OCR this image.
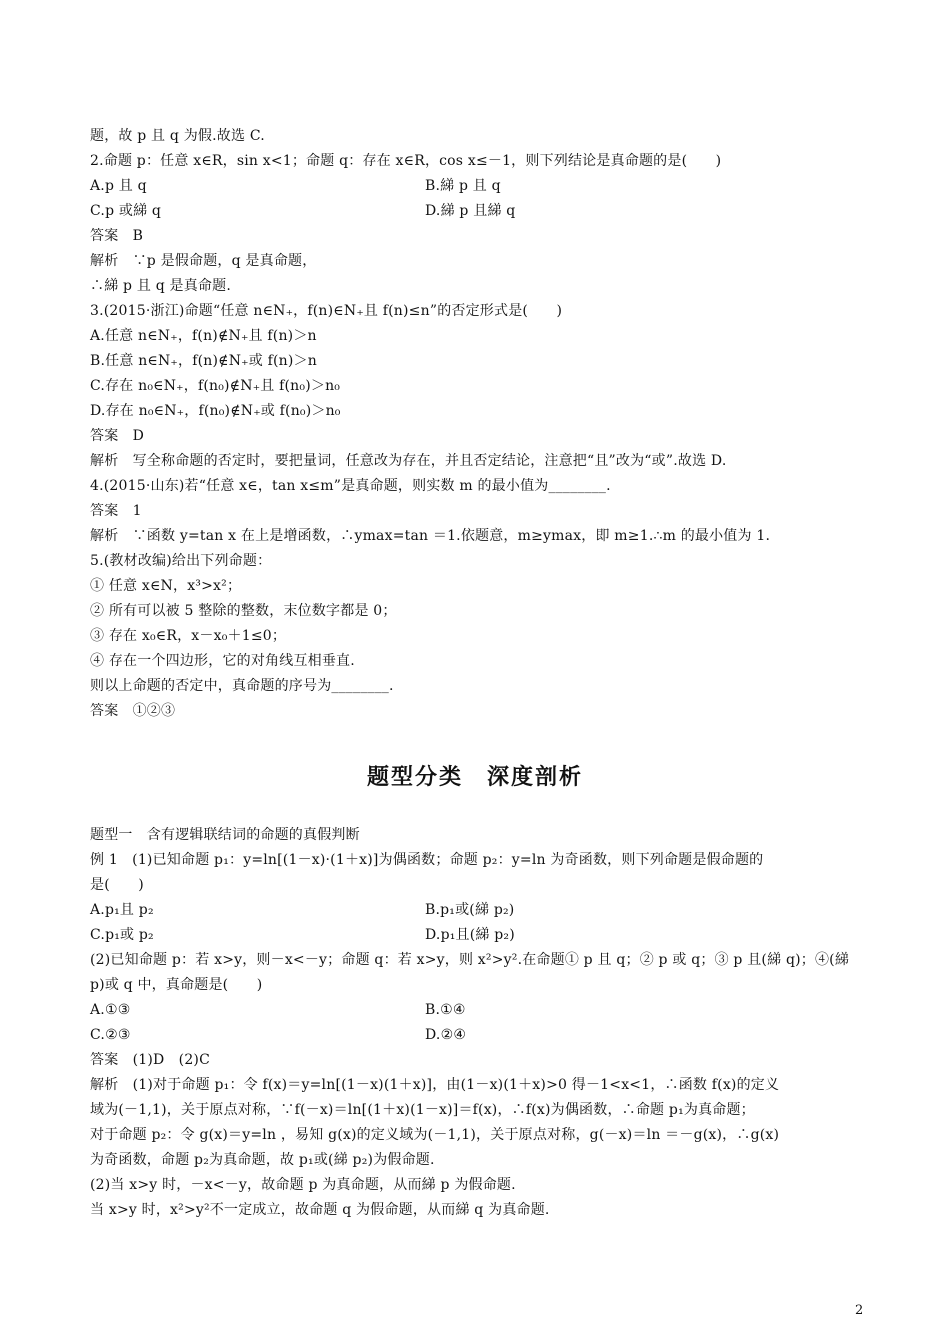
题，故 p 且 q 为假.故选 C.
2.命题 p：任意 x∈R，sin x<1；命题 q：存在 x∈R，cos x≤－1，则下列结论是真命题的是(　　)
A.p 且 q	B.綈 p 且 q
C.p 或綈 q	D.綈 p 且綈 q
答案　B
解析　∵p 是假命题，q 是真命题，
∴綈 p 且 q 是真命题.
3.(2015·浙江)命题“任意 n∈N₊，f(n)∈N₊且 f(n)≤n”的否定形式是(　　)
A.任意 n∈N₊，f(n)∉N₊且 f(n)＞n
B.任意 n∈N₊，f(n)∉N₊或 f(n)＞n
C.存在 n₀∈N₊，f(n₀)∉N₊且 f(n₀)＞n₀
D.存在 n₀∈N₊，f(n₀)∉N₊或 f(n₀)＞n₀
答案　D
解析　写全称命题的否定时，要把量词，任意改为存在，并且否定结论，注意把“且”改为“或”.故选 D.
4.(2015·山东)若“任意 x∈，tan x≤m”是真命题，则实数 m 的最小值为________.
答案　1
解析　∵函数 y=tan x 在上是增函数，∴ymax=tan ＝1.依题意，m≥ymax，即 m≥1.∴m 的最小值为 1.
5.(教材改编)给出下列命题：
① 任意 x∈N，x³>x²；
② 所有可以被 5 整除的整数，末位数字都是 0；
③ 存在 x₀∈R，x－x₀＋1≤0；
④ 存在一个四边形，它的对角线互相垂直.
则以上命题的否定中，真命题的序号为________.
答案　①②③
题型一　含有逻辑联结词的命题的真假判断
例 1　(1)已知命题 p₁：y=ln[(1－x)·(1＋x)]为偶函数；命题 p₂：y=ln 为奇函数，则下列命题是假命题的
是(　　)
A.p₁且 p₂	B.p₁或(綈 p₂)
C.p₁或 p₂	D.p₁且(綈 p₂)
(2)已知命题 p：若 x>y，则－x<－y；命题 q：若 x>y，则 x²>y².在命题① p 且 q；② p 或 q；③ p 且(綈 q)；④(綈
p)或 q 中，真命题是(　　)
A.①③	B.①④
C.②③	D.②④
答案　(1)D　(2)C
解析　(1)对于命题 p₁：令 f(x)＝y=ln[(1－x)(1＋x)]，由(1－x)(1＋x)>0 得－1<x<1，∴函数 f(x)的定义
域为(－1,1)，关于原点对称，∵f(－x)＝ln[(1＋x)(1－x)]＝f(x)，∴f(x)为偶函数，∴命题 p₁为真命题；
对于命题 p₂：令 g(x)＝y=ln ，易知 g(x)的定义域为(－1,1)，关于原点对称，g(－x)＝ln ＝－g(x)，∴g(x)
为奇函数，命题 p₂为真命题，故 p₁或(綈 p₂)为假命题.
(2)当 x>y 时，－x<－y，故命题 p 为真命题，从而綈 p 为假命题.
当 x>y 时，x²>y²不一定成立，故命题 q 为假命题，从而綈 q 为真命题.
题型分类　深度剖析
2
